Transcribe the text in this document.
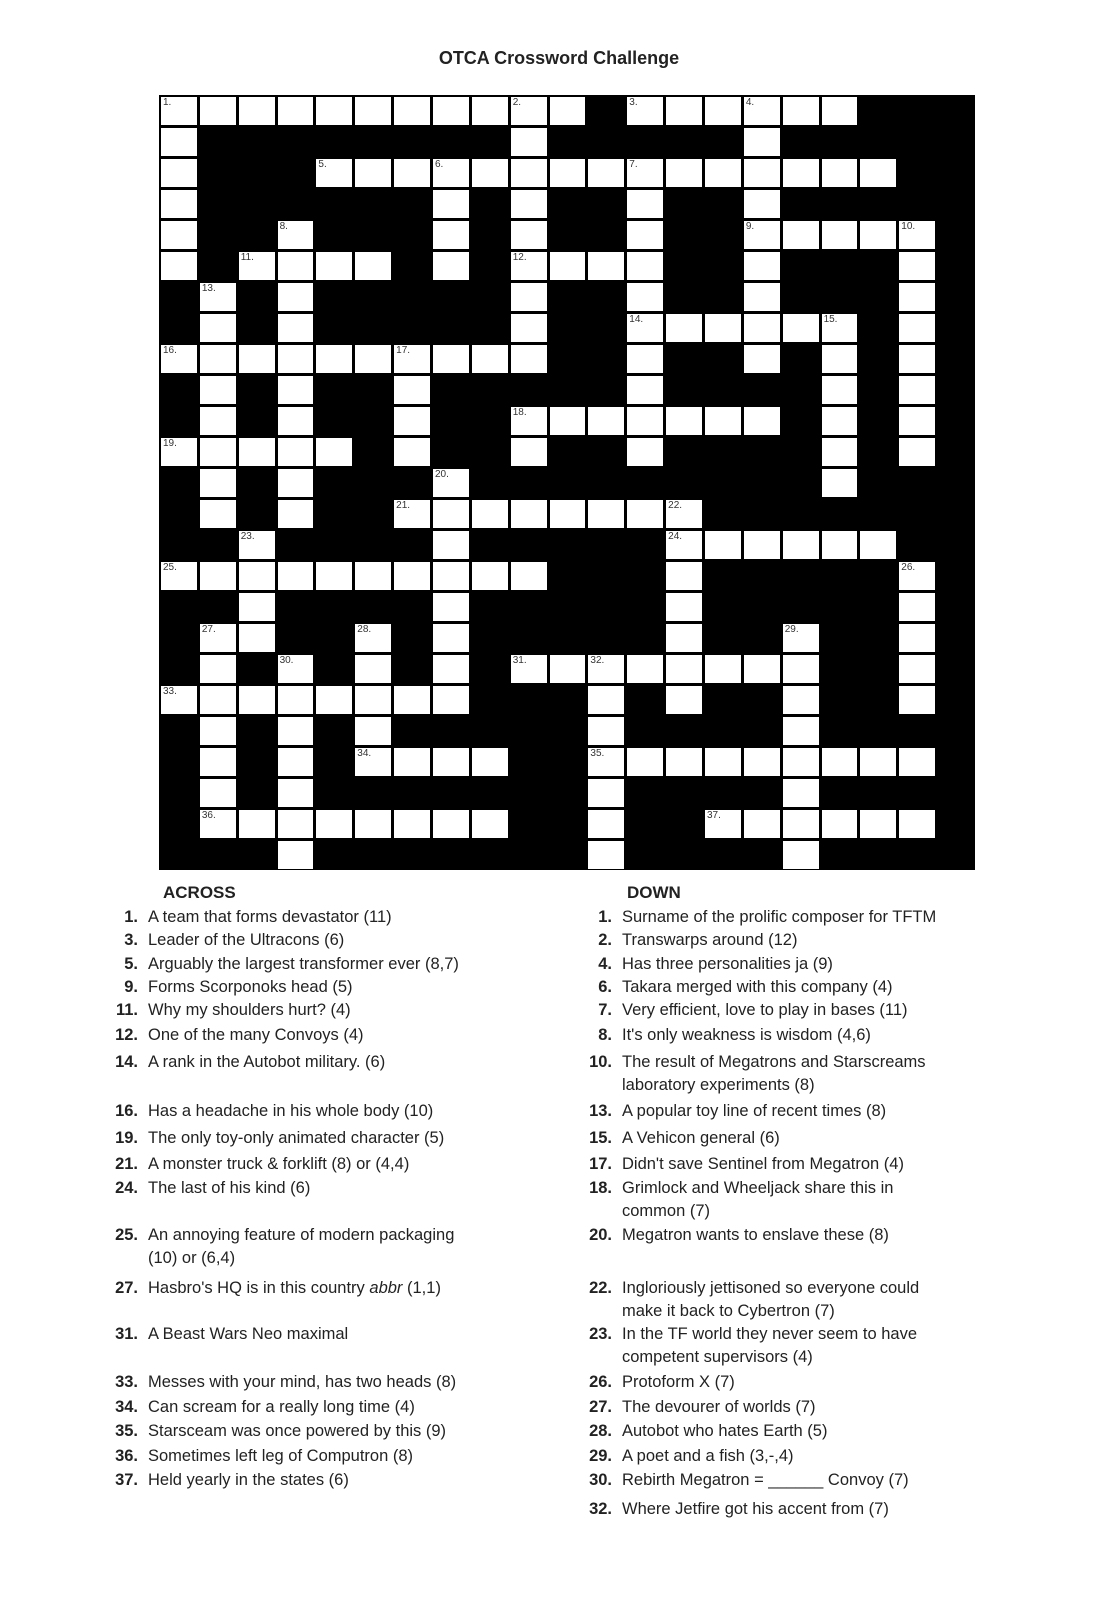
OTCA Crossword Challenge
1.	2.	3.	4.
5.	6.	7.
8.	9.	10.
11.	12.
13.
14.	15.
16.	17.
18.
19.
20.
21.	22.
23.	24.
25.	26.
27.	28.	29.
30.	31.	32.
33.
34.	35.
36.	37.
ACROSS	DOWN
1. A team that forms devastator (11)
3. Leader of the Ultracons (6)
5. Arguably the largest transformer ever (8,7)
9. Forms Scorponoks head (5)
11. Why my shoulders hurt? (4)
12. One of the many Convoys (4)
14. A rank in the Autobot military. (6)
16. Has a headache in his whole body (10)
19. The only toy-only animated character (5)
21. A monster truck & forklift (8) or (4,4)
24. The last of his kind (6)
25. An annoying feature of modern packaging
(10) or (6,4)
27. Hasbro's HQ is in this country abbr (1,1)
31. A Beast Wars Neo maximal
33. Messes with your mind, has two heads (8)
34. Can scream for a really long time (4)
35. Starsceam was once powered by this (9)
36. Sometimes left leg of Computron (8)
37. Held yearly in the states (6)
1. Surname of the prolific composer for TFTM
2. Transwarps around (12)
4. Has three personalities ja (9)
6. Takara merged with this company (4)
7. Very efficient, love to play in bases (11)
8. It's only weakness is wisdom (4,6)
10. The result of Megatrons and Starscreams
laboratory experiments (8)
13. A popular toy line of recent times (8)
15. A Vehicon general (6)
17. Didn't save Sentinel from Megatron (4)
18. Grimlock and Wheeljack share this in
common (7)
20. Megatron wants to enslave these (8)
22. Ingloriously jettisoned so everyone could
make it back to Cybertron (7)
23. In the TF world they never seem to have
competent supervisors (4)
26. Protoform X (7)
27. The devourer of worlds (7)
28. Autobot who hates Earth (5)
29. A poet and a fish (3,-,4)
30. Rebirth Megatron = ______ Convoy (7)
32. Where Jetfire got his accent from (7)
